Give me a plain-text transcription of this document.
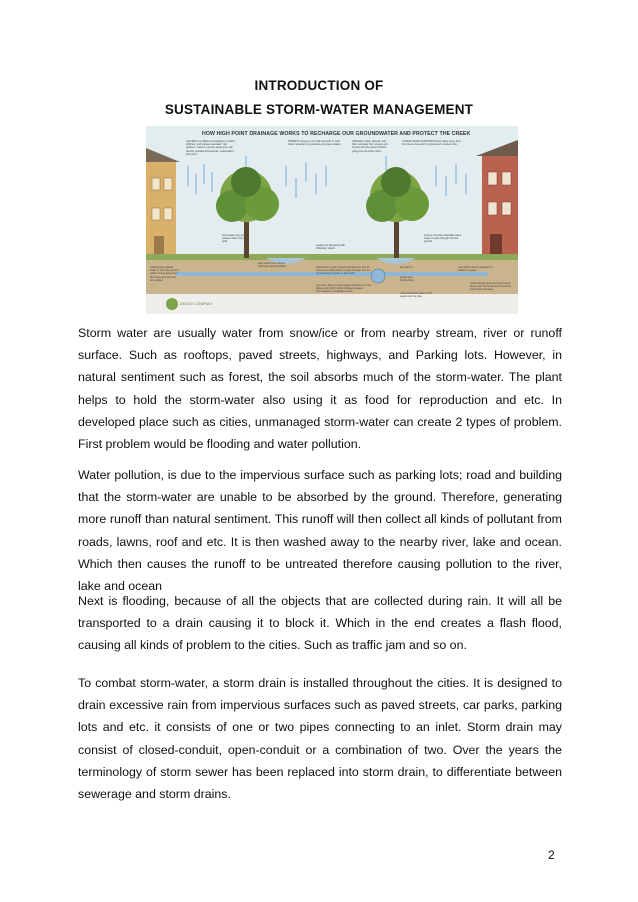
INTRODUCTION OF
SUSTAINABLE STORM-WATER MANAGEMENT
HOW HIGH POINT DRAINAGE WORKS TO RECHARGE OUR GROUNDWATER AND PROTECT THE CREEK
HOUSES use different strategies to collect, infiltrate, and release rainwater: rain gardens, cisterns, porous pavement, rain barrels, planted downspouts, evaporation, and more.
STREETS slope to one side and curb to curb direct rainwater into planted and grass swales.
SWALES collect, absorb, and filter rainwater from streets and houses into the ground before going into the storm drain.
CONVEYANCE FURROWS direct water away from the house via a path of gravel and crushed rock.
porous concrete sidewalks allow water to pass through into the ground
stormwater pop-ups release water into the park
stormwater from across driveway, toward swales
swales are designed with infiltrating plants
22nd Street north of Raymond Street is porous concrete to allow water to pass through into the ground before it goes in the creek
city storm drain to carry bigger rainstorms to the large pond which slowly releases cleaner stormwater to Longfellow Creek
slotted pipes enable water to sit in the ground while moving away from the house and into the rain garden
flow rain to
gravel pipe (underdrain)
rocky soil holds water until it seeps into the pipe
yard drains direct rainwater to swales in a pipe
splash blocks slow and direct water away from the house and should be kept clean of leaves
DESIGN COMPANY

Storm water are usually water from snow/ice or from nearby stream, river or runoff surface. Such as rooftops, paved streets, highways, and Parking lots. However, in natural sentiment such as forest, the soil absorbs much of the storm-water. The plant helps to hold the storm-water also using it as food for reproduction and etc. In developed place such as cities, unmanaged storm-water can create 2 types of problem. First problem would be flooding and water pollution.

Water pollution, is due to the impervious surface such as parking lots; road and building that the storm-water are unable to be absorbed by the ground. Therefore, generating more runoff than natural sentiment. This runoff will then collect all kinds of pollutant from roads, lawns, roof and etc. It is then washed away to the nearby river, lake and ocean. Which then causes the runoff to be untreated therefore causing pollution to the river, lake and ocean

Next is flooding, because of all the objects that are collected during rain. It will all be transported to a drain causing it to block it. Which in the end creates a flash flood, causing all kinds of problem to the cities. Such as traffic jam and so on.

To combat storm-water, a storm drain is installed throughout the cities. It is designed to drain excessive rain from impervious surfaces such as paved streets, car parks, parking lots and etc. it consists of one or two pipes connecting to an inlet. Storm drain may consist of closed-conduit, open-conduit or a combination of two. Over the years the terminology of storm sewer has been replaced into storm drain, to differentiate between sewerage and storm drains.

2
